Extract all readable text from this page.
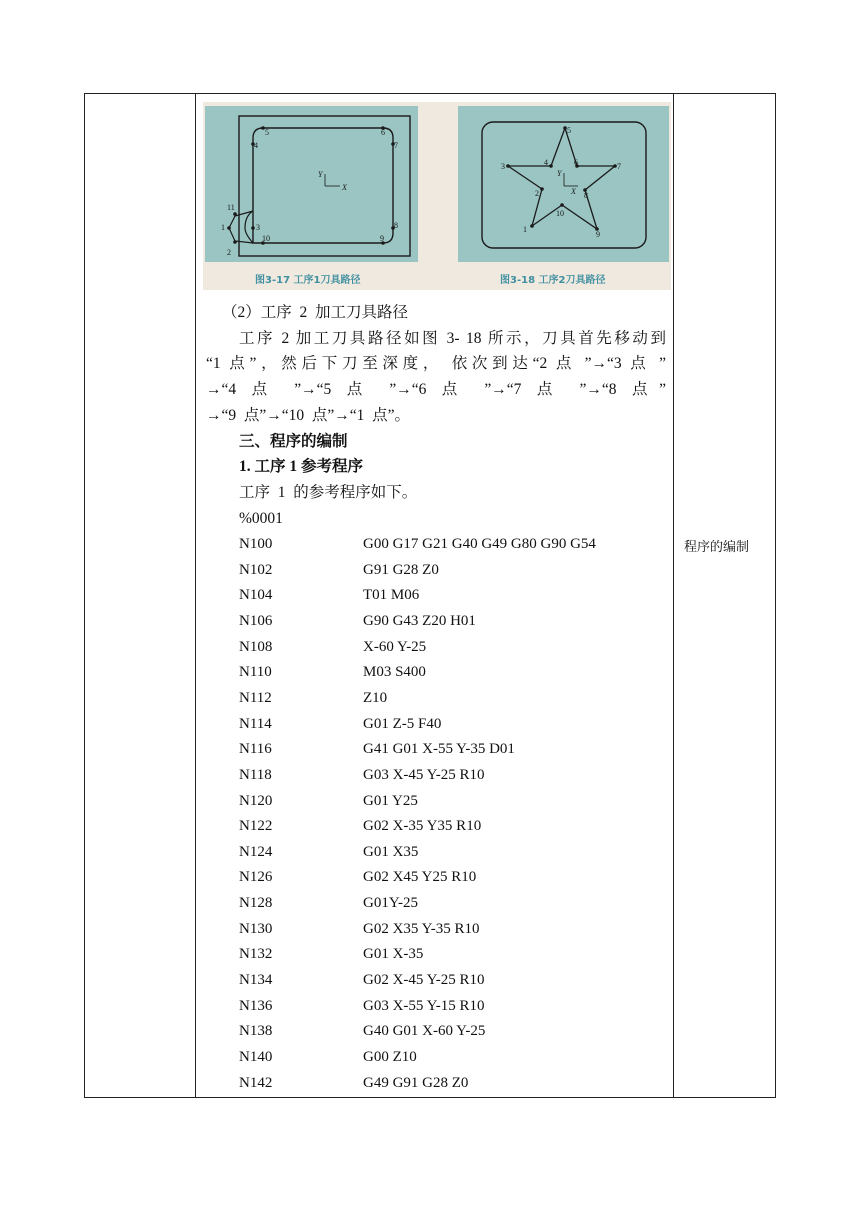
1
2
3
4
5	6
7
8
9
10
11
X
Y
图3-17 工序1刀具路径
1
2
3	4
5
6	7
8
9
10
X
Y
图3-18 工序2刀具路径
（2）工序  2  加工刀具路径
工序 2 加工刀具路径如图 3- 18 所示，刀具首先移动到
“1 点”，然后下刀至深度， 依次到达“2 点 ”→“3 点 ”
→“4 点 ”→“5 点 ”→“6 点 ”→“7 点 ”→“8 点”
→“9  点”→“10  点”→“1  点”。
三、程序的编制
1. 工序 1 参考程序
工序  1  的参考程序如下。
%0001
N100	G00 G17 G21 G40 G49 G80 G90 G54
N102	G91 G28 Z0
N104	T01 M06
N106	G90 G43 Z20 H01
N108	X-60 Y-25
N110	M03 S400
N112	Z10
N114	G01 Z-5 F40
N116	G41 G01 X-55 Y-35 D01
N118	G03 X-45 Y-25 R10
N120	G01 Y25
N122	G02 X-35 Y35 R10
N124	G01 X35
N126	G02 X45 Y25 R10
N128	G01Y-25
N130	G02 X35 Y-35 R10
N132	G01 X-35
N134	G02 X-45 Y-25 R10
N136	G03 X-55 Y-15 R10
N138	G40 G01 X-60 Y-25
N140	G00 Z10
N142	G49 G91 G28 Z0
程序的编制
